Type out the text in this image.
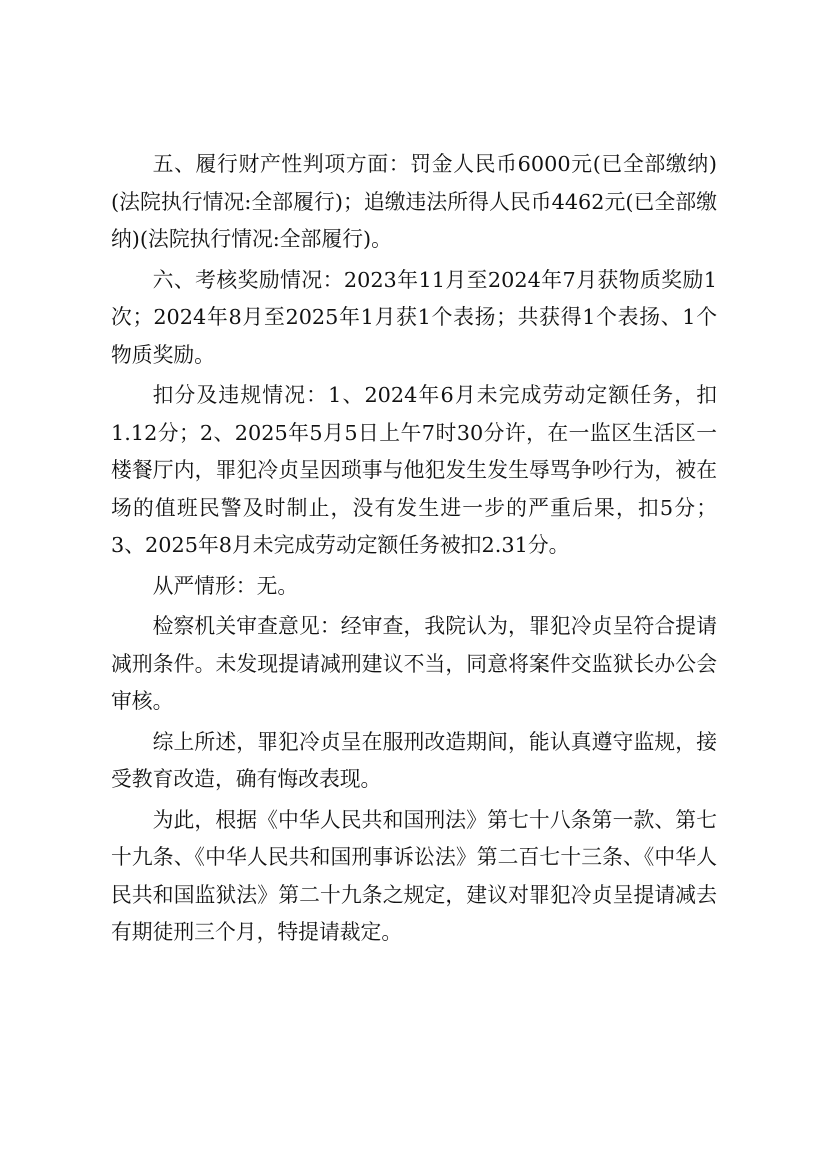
五、履行财产性判项方面：罚金人民币6000元(已全部缴纳)(法院执行情况:全部履行)；追缴违法所得人民币4462元(已全部缴纳)(法院执行情况:全部履行)。

六、考核奖励情况：2023年11月至2024年7月获物质奖励1次；2024年8月至2025年1月获1个表扬；共获得1个表扬、1个物质奖励。

扣分及违规情况：1、2024年6月未完成劳动定额任务，扣1.12分；2、2025年5月5日上午7时30分许，在一监区生活区一楼餐厅内，罪犯冷贞呈因琐事与他犯发生发生辱骂争吵行为，被在场的值班民警及时制止，没有发生进一步的严重后果，扣5分；3、2025年8月未完成劳动定额任务被扣2.31分。

从严情形：无。

检察机关审查意见：经审查，我院认为，罪犯冷贞呈符合提请减刑条件。未发现提请减刑建议不当，同意将案件交监狱长办公会审核。

综上所述，罪犯冷贞呈在服刑改造期间，能认真遵守监规，接受教育改造，确有悔改表现。

为此，根据《中华人民共和国刑法》第七十八条第一款、第七十九条、《中华人民共和国刑事诉讼法》第二百七十三条、《中华人民共和国监狱法》第二十九条之规定，建议对罪犯冷贞呈提请减去有期徒刑三个月，特提请裁定。
